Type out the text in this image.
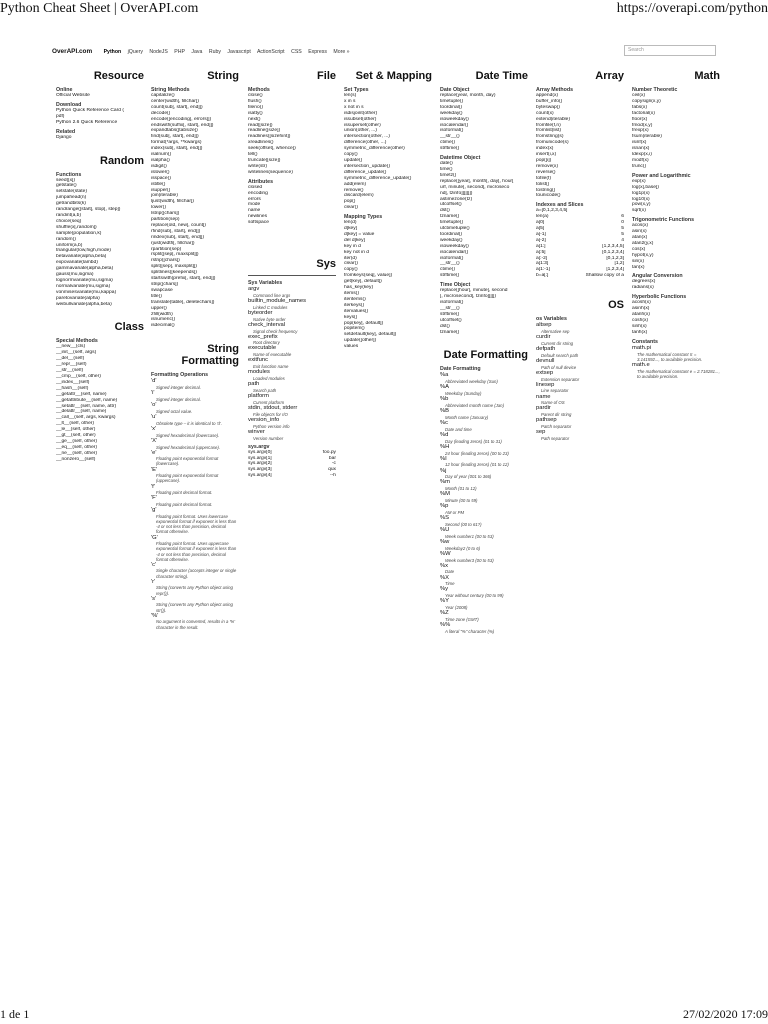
Python Cheat Sheet | OverAPI.com	https://overapi.com/python
OverAPI.com Python jQuery NodeJS PHP Java Ruby Javascript ActionScript CSS Express More »	Search
Resource
Online
Official Website
Download
Python Quick Reference Card (
pdf)
Python 2.6 Quick Reference
Related
Django
Random
Functions
seed([x])
getstate()
setstate(state)
jumpahead(n)
getrandbits(k)
randrange([start], stop[, step])
randint(a,b)
choice(seq)
shuffle(x[,random])
sample(population,k)
random()
uniform(a,b)
triangular(low,high,mode)
betavariate(alpha,beta)
expovariate(lambd)
gammavariate(alpha,beta)
gauss(mu,sigma)
lognormvariate(mu,sigma)
normalvariate(mu,sigma)
vonmisesvariate(mu,kappa)
paretovariate(alpha)
weibullvariate(alpha,beta)
Class
Special Methods
__new__(cls)
__init__(self, args)
__del__(self)
__repr__(self)
__str__(self)
__cmp__(self, other)
__index__(self)
__hash__(self)
__getattr__(self, name)
__getattribute__(self, name)
__setattr__(self, name, attr)
__delattr__(self, name)
__call__(self, args, kwargs)
__lt__(self, other)
__le__(self, other)
__gt__(self, other)
__ge__(self, other)
__eq__(self, other)
__ne__(self, other)
__nonzero__(self)
String
String Methods
capitalize()
center(width[, fillchar])
count(sub[, start[, end]])
decode()
encode([encoding[, errors]])
endswith(suffix[, start[, end]])
expandtabs([tabsize])
find(sub[, start[, end]])
format(*args, **kwargs)
index(sub[, start[, end]])
isalnum()
isalpha()
isdigit()
islower()
isspace()
istitle()
isupper()
join(iterable)
ljust(width[, fillchar])
lower()
lstrip([chars])
partition(sep)
replace(old, new[, count])
rfind(sub[, start[, end]])
rindex(sub[, start[, end]])
rjust(width[, fillchar])
rpartition(sep)
rsplit([sep[, maxsplit]])
rstrip([chars])
split([sep[, maxsplit]])
splitlines([keepends])
startswith(prefix[, start[, end]])
strip([chars])
swapcase
title()
translate(table[, deletechars])
upper()
zfill(width)
isnumeric()
isdecimal()
String Formatting
Formatting Operations
'd'
Signed integer decimal.
'i'
Signed integer decimal.
'o'
Signed octal value.
'u'
Obsolete type – it is identical to 'd'.
'x'
Signed hexadecimal (lowercase).
'X'
Signed hexadecimal (uppercase).
'e'
Floating point exponential format (lowercase).
'E'
Floating point exponential format (uppercase).
'f'
Floating point decimal format.
'F'
Floating point decimal format.
'g'
Floating point format. Uses lowercase exponential format if exponent is less than -4 or not less than precision, decimal format otherwise.
'G'
Floating point format. Uses uppercase exponential format if exponent is less than -4 or not less than precision, decimal format otherwise.
'c'
Single character (accepts integer or single character string).
'r'
String (converts any Python object using repr()).
's'
String (converts any Python object using str()).
'%'
No argument is converted, results in a '%' character in the result.
File
Methods
close()
flush()
fileno()
isatty()
next()
read([size])
readline([size])
readlines([sizehint])
xreadlines()
seek(offset[, whence])
tell()
truncate([size])
write(str)
writelines(sequence)
Attributes
closed
encoding
errors
mode
name
newlines
softspace
Sys
Sys Variables
argv
Command line args
builtin_module_names
Linked C modules
byteorder
Native byte order
check_interval
Signal check frequency
exec_prefix
Root directory
executable
Name of executable
exitfunc
Exit function name
modules
Loaded modules
path
Search path
platform
Current platform
stdin, stdout, stderr
File objects for I/O
version_info
Python version info
winver
Version number
sys.argv
sys.argv[0]	foo.py
sys.argv[1]	bar
sys.argv[2]	-c
sys.argv[3]	qux
sys.argv[4]	--h
Set & Mapping
Set Types
len(s)
x in s
x not in s
isdisjoint(other)
issubset(other)
issuperset(other)
union(other, ...)
intersection(other, ...)
difference(other, ...)
symmetric_difference(other)
copy()
update()
intersection_update()
difference_update()
symmetric_difference_update()
add(elem)
remove()
discard(elem)
pop()
clear()
Mapping Types
len(d)
d[key]
d[key] = value
del d[key]
key in d
key not in d
iter(d)
clear()
copy()
fromkeys(seq[, value])
get(key[, default])
has_key(key)
items()
iteritems()
iterkeys()
itervalues()
keys()
pop(key[, default])
popitem()
setdefault(key[, default])
update([other])
values
Date Time
Date Object
replace(year, month, day)
timetuple()
toordinal()
weekday()
isoweekday()
isocalendar()
isoformat()
__str__()
ctime()
strftime()
Datetime Object
date()
time()
timetz()
replace([year[, month[, day[, hour[
urf, minute[, second[, microseco
nd[, tzinfo]]]]]]])
astimezone(tz)
utcoffset()
dst()
tzname()
timetuple()
utctimetuple()
toordinal()
weekday()
isoweekday()
isocalendar()
isoformat()
__str__()
ctime()
strftime()
Time Object
replace([hour[, minute[, second
[, microsecond[, tzinfo]]]]])
isoformat()
__str__()
strftime()
utcoffset()
dst()
tzname()
Date Formatting
Date Formatting
%a
Abbreviated weekday (Sun)
%A
Weekday (Sunday)
%b
Abbreviated month name (Jan)
%B
Month name (January)
%c
Date and time
%d
Day (leading zeros) (01 to 31)
%H
24 hour (leading zeros) (00 to 23)
%I
12 hour (leading zeros) (01 to 12)
%j
Day of year (001 to 366)
%m
Month (01 to 12)
%M
Minute (00 to 59)
%p
AM or PM
%S
Second (00 to 61?)
%U
Week number1 (00 to 53)
%w
Weekday2 (0 to 6)
%W
Week number3 (00 to 53)
%x
Date
%X
Time
%y
Year without century (00 to 99)
%Y
Year (2008)
%Z
Time zone (GMT)
%%
A literal "%" character (%)
Array
Array Methods
append(x)
buffer_info()
byteswap()
count(x)
extend(iterable)
fromfile(f,n)
fromlist(list)
fromstring(s)
fromunicode(s)
index(x)
insert(i,x)
pop([i])
remove(x)
reverse()
tofile(f)
tolist()
tostring()
tounicode()
Indexes and Slices
a=[0,1,2,3,4,5]
len(a)	6
a[0]	0
a[5]	5
a[-1]	5
a[-2]	4
a[1:]	[1,2,3,4,5]
a[:5]	[0,1,2,3,4]
a[:-2]	[0,1,2,3]
a[1:3]	[1,2]
a[1:-1]	[1,2,3,4]
b=a[:]	Shallow copy of a
OS
os Variables
altsep
Alternative sep
curdir
Current dir string
defpath
Default search path
devnull
Path of null device
extsep
Extension separator
linesep
Line separator
name
Name of OS
pardir
Parent dir string
pathsep
Patch separator
sep
Path separator
Math
Number Theoretic
ceil(x)
copysign(x,y)
fabs(x)
factorial(x)
floor(x)
fmod(x,y)
frexp(x)
fsum(iterable)
isinf(x)
isnan(x)
ldexp(x,i)
modf(x)
trunc()
Power and Logarithmic
exp(x)
log(x[,base])
log1p(x)
log10(x)
pow(x,y)
sqrt(x)
Trigonometric Functions
acos(x)
asin(x)
atan(x)
atan2(y,x)
cos(x)
hypot(x,y)
sin(x)
tan(x)
Angular Conversion
degrees(x)
radians(x)
Hyperbolic Functions
acosh(x)
asinh(x)
atanh(x)
cosh(x)
sinh(x)
tanh(x)
Constants
math.pi
The mathematical constant π = 3.141592..., to available precision.
math.e
The mathematical constant e = 2.718281..., to available precision.
1 de 1	27/02/2020 17:09
